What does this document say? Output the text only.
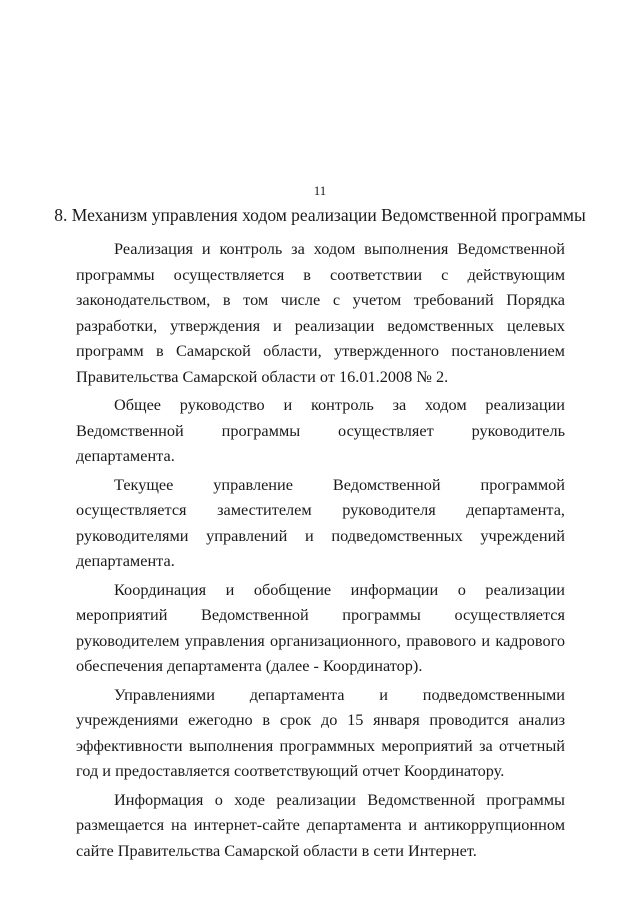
11
8. Механизм управления ходом реализации Ведомственной программы

Реализация и контроль за ходом выполнения Ведомственной программы осуществляется в соответствии с действующим законодательством, в том числе с учетом требований Порядка разработки, утверждения и реализации ведомственных целевых программ в Самарской области, утвержденного постановлением Правительства Самарской области от 16.01.2008 № 2.

Общее руководство и контроль за ходом реализации Ведомственной программы осуществляет руководитель департамента.

Текущее управление Ведомственной программой осуществляется заместителем руководителя департамента, руководителями управлений и подведомственных учреждений департамента.

Координация и обобщение информации о реализации мероприятий Ведомственной программы осуществляется руководителем управления организационного, правового и кадрового обеспечения департамента (далее - Координатор).

Управлениями департамента и подведомственными учреждениями ежегодно в срок до 15 января проводится анализ эффективности выполнения программных мероприятий за отчетный год и предоставляется соответствующий отчет Координатору.

Информация о ходе реализации Ведомственной программы размещается на интернет-сайте департамента и антикоррупционном сайте Правительства Самарской области в сети Интернет.
